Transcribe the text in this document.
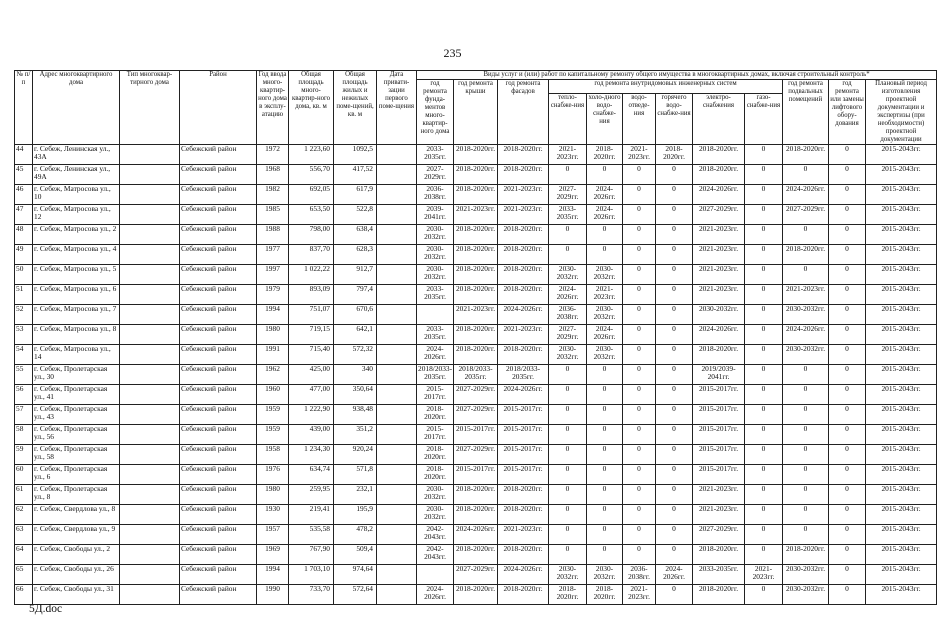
235
№ п/п	Адрес многоквартирного дома	Тип многоквар-тирного дома	Район	Год ввода много-квартир-ного дома в эксплу-атацию	Общая площадь много-квартир-ного дома, кв. м	Общая площадь жилых и нежилых поме-щений, кв. м	Дата привати-зации первого поме-щения	Виды услуг и (или) работ по капитальному ремонту общего имущества в многоквартирных домах, включая строительный контроль*											
								год ремонта фунда-ментов много-квартир-ного дома	год ремонта крыши	год ремонта фасадов	год ремонта внутридомовых инженерных систем						год ремонта подвальных помещений	год ремонта или замены лифтового обору-дования	Плановый период изготовления проектной документации и экспертизы (при необходимости) проектной документации
											тепло-снабже-ния	холо-дного водо-снабже-ния	водо-отведе-ния	горячего водо-снабже-ния	электро-снабжения	газо-снабже-ния			
44	г. Себеж, Ленинская ул., 43А		Себежский район	1972	1 223,60	1092,5		2033-2035гг.	2018-2020гг.	2018-2020гг.	2021-2023гг.	2018-2020гг.	2021-2023гг.	2018-2020гг.	2018-2020гг.	0	2018-2020гг.	0	2015-2043гг.
45	г. Себеж, Ленинская ул., 49А		Себежский район	1968	556,70	417,52		2027-2029гг.	2018-2020гг.	2018-2020гг.	0	0	0	0	2018-2020гг.	0	0	0	2015-2043гг.
46	г. Себеж, Матросова ул., 10		Себежский район	1982	692,05	617,9		2036-2038гг.	2018-2020гг.	2021-2023гг.	2027-2029гг.	2024-2026гг.	0	0	2024-2026гг.	0	2024-2026гг.	0	2015-2043гг.
47	г. Себеж, Матросова ул., 12		Себежский район	1985	653,50	522,8		2039-2041гг.	2021-2023гг.	2021-2023гг.	2033-2035гг.	2024-2026гг.	0	0	2027-2029гг.	0	2027-2029гг.	0	2015-2043гг.
48	г. Себеж, Матросова ул., 2		Себежский район	1988	798,00	638,4		2030-2032гг.	2018-2020гг.	2018-2020гг.	0	0	0	0	2021-2023гг.	0	0	0	2015-2043гг.
49	г. Себеж, Матросова ул., 4		Себежский район	1977	837,70	628,3		2030-2032гг.	2018-2020гг.	2018-2020гг.	0	0	0	0	2021-2023гг.	0	2018-2020гг.	0	2015-2043гг.
50	г. Себеж, Матросова ул., 5		Себежский район	1997	1 022,22	912,7		2030-2032гг.	2018-2020гг.	2018-2020гг.	2030-2032гг.	2030-2032гг.	0	0	2021-2023гг.	0	0	0	2015-2043гг.
51	г. Себеж, Матросова ул., 6		Себежский район	1979	893,09	797,4		2033-2035гг.	2018-2020гг.	2018-2020гг.	2024-2026гг.	2021-2023гг.	0	0	2021-2023гг.	0	2021-2023гг.	0	2015-2043гг.
52	г. Себеж, Матросова ул., 7		Себежский район	1994	751,07	670,6			2021-2023гг.	2024-2026гг.	2036-2038гг.	2030-2032гг.	0	0	2030-2032гг.	0	2030-2032гг.	0	2015-2043гг.
53	г. Себеж, Матросова ул., 8		Себежский район	1980	719,15	642,1		2033-2035гг.	2018-2020гг.	2021-2023гг.	2027-2029гг.	2024-2026гг.	0	0	2024-2026гг.	0	2024-2026гг.	0	2015-2043гг.
54	г. Себеж, Матросова ул., 14		Себежский район	1991	715,40	572,32		2024-2026гг.	2018-2020гг.	2018-2020гг.	2030-2032гг.	2030-2032гг.	0	0	2018-2020гг.	0	2030-2032гг.	0	2015-2043гг.
55	г. Себеж, Пролетарская ул., 30		Себежский район	1962	425,00	340		2018/2033-2035гг.	2018/2033-2035гг.	2018/2033-2035гг.	0	0	0	0	2019/2039-2041гг.	0	0	0	2015-2043гг.
56	г. Себеж, Пролетарская ул., 41		Себежский район	1960	477,00	350,64		2015-2017гг.	2027-2029гг.	2024-2026гг.	0	0	0	0	2015-2017гг.	0	0	0	2015-2043гг.
57	г. Себеж, Пролетарская ул., 43		Себежский район	1959	1 222,90	938,48		2018-2020гг.	2027-2029гг.	2015-2017гг.	0	0	0	0	2015-2017гг.	0	0	0	2015-2043гг.
58	г. Себеж, Пролетарская ул., 56		Себежский район	1959	439,00	351,2		2015-2017гг.	2015-2017гг.	2015-2017гг.	0	0	0	0	2015-2017гг.	0	0	0	2015-2043гг.
59	г. Себеж, Пролетарская ул., 58		Себежский район	1958	1 234,30	920,24		2018-2020гг.	2027-2029гг.	2015-2017гг.	0	0	0	0	2015-2017гг.	0	0	0	2015-2043гг.
60	г. Себеж, Пролетарская ул., 6		Себежский район	1976	634,74	571,8		2018-2020гг.	2015-2017гг.	2015-2017гг.	0	0	0	0	2015-2017гг.	0	0	0	2015-2043гг.
61	г. Себеж, Пролетарская ул., 8		Себежский район	1980	259,95	232,1		2030-2032гг.	2018-2020гг.	2018-2020гг.	0	0	0	0	2021-2023гг.	0	0	0	2015-2043гг.
62	г. Себеж, Свердлова ул., 8		Себежский район	1930	219,41	195,9		2030-2032гг.	2018-2020гг.	2018-2020гг.	0	0	0	0	2021-2023гг.	0	0	0	2015-2043гг.
63	г. Себеж, Свердлова ул., 9		Себежский район	1957	535,58	478,2		2042-2043гг.	2024-2026гг.	2021-2023гг.	0	0	0	0	2027-2029гг.	0	0	0	2015-2043гг.
64	г. Себеж, Свободы ул., 2		Себежский район	1969	767,90	509,4		2042-2043гг.	2018-2020гг.	2018-2020гг.	0	0	0	0	2018-2020гг.	0	2018-2020гг.	0	2015-2043гг.
65	г. Себеж, Свободы ул., 26		Себежский район	1994	1 703,10	974,64			2027-2029гг.	2024-2026гг.	2030-2032гг.	2030-2032гг.	2036-2038гг.	2024-2026гг.	2033-2035гг.	2021-2023гг.	2030-2032гг.	0	2015-2043гг.
66	г. Себеж, Свободы ул., 31		Себежский район	1990	733,70	572,64		2024-2026гг.	2018-2020гг.	2018-2020гг.	2018-2020гг.	2018-2020гг.	2021-2023гг.	0	2018-2020гг.	0	2030-2032гг.	0	2015-2043гг.
5Д.doc
